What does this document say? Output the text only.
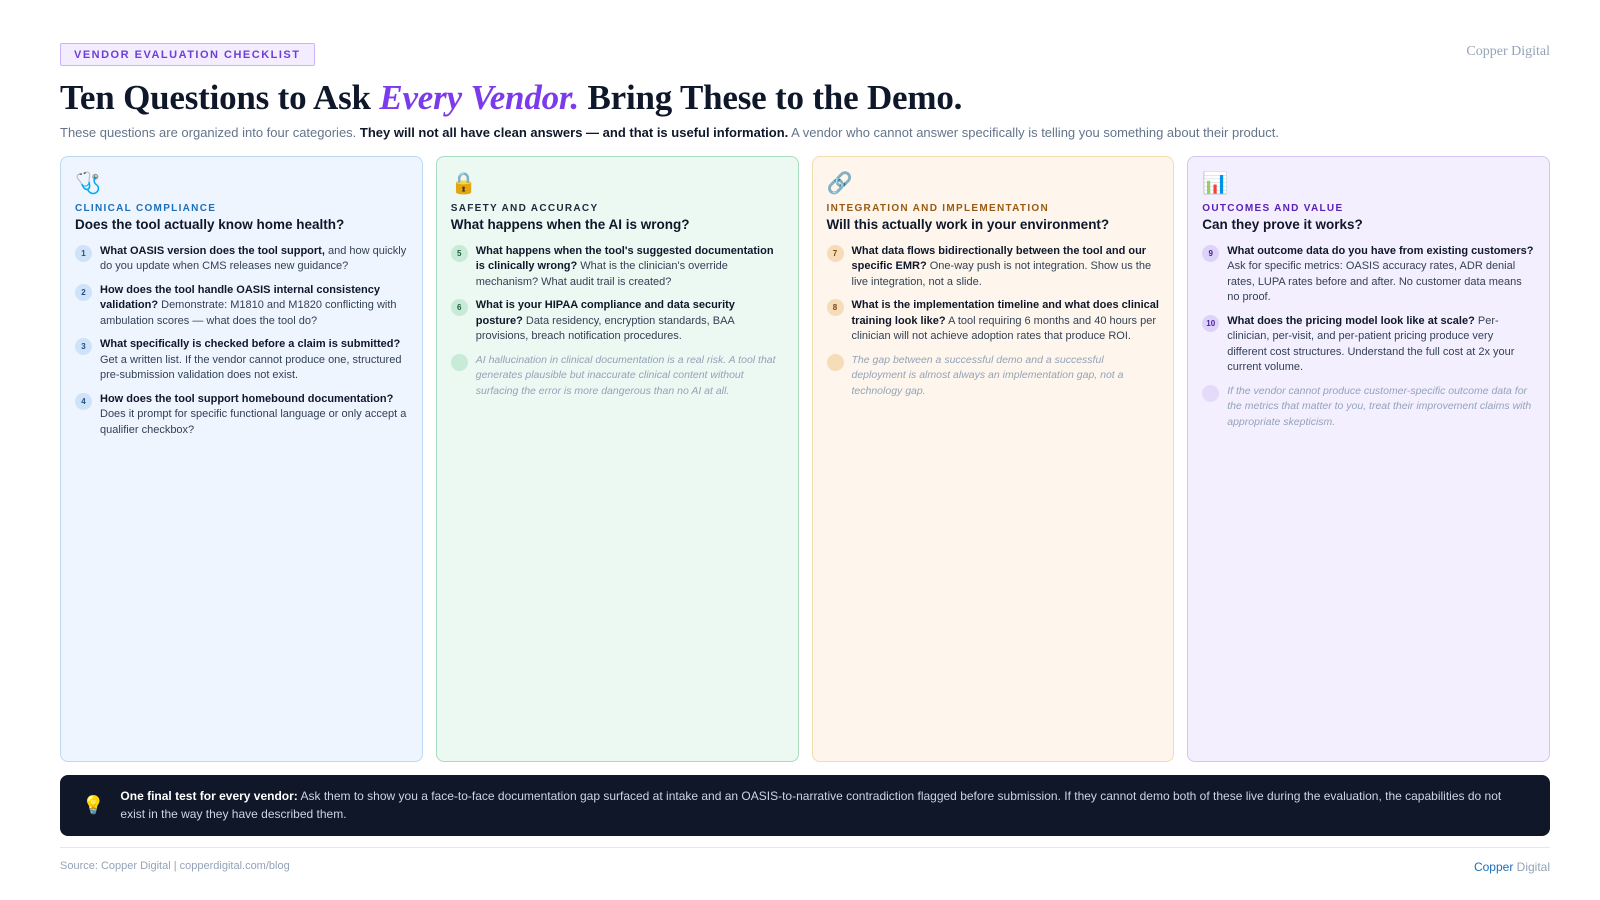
VENDOR EVALUATION CHECKLIST	Copper Digital
Ten Questions to Ask Every Vendor. Bring These to the Demo.

These questions are organized into four categories. They will not all have clean answers — and that is useful information. A vendor who cannot answer specifically is telling you something about their product.

🩺
CLINICAL COMPLIANCE
Does the tool actually know home health?
1	What OASIS version does the tool support, and how quickly do you update when CMS releases new guidance?

2	How does the tool handle OASIS internal consistency validation? Demonstrate: M1810 and M1820 conflicting with ambulation scores — what does the tool do?

3	What specifically is checked before a claim is submitted? Get a written list. If the vendor cannot produce one, structured pre-submission validation does not exist.

4	How does the tool support homebound documentation? Does it prompt for specific functional language or only accept a qualifier checkbox?

🔒
SAFETY AND ACCURACY
What happens when the AI is wrong?
5	What happens when the tool's suggested documentation is clinically wrong? What is the clinician's override mechanism? What audit trail is created?

6	What is your HIPAA compliance and data security posture? Data residency, encryption standards, BAA provisions, breach notification procedures.

AI hallucination in clinical documentation is a real risk. A tool that generates plausible but inaccurate clinical content without surfacing the error is more dangerous than no AI at all.

🔗
INTEGRATION AND IMPLEMENTATION
Will this actually work in your environment?
7	What data flows bidirectionally between the tool and our specific EMR? One-way push is not integration. Show us the live integration, not a slide.

8	What is the implementation timeline and what does clinical training look like? A tool requiring 6 months and 40 hours per clinician will not achieve adoption rates that produce ROI.

The gap between a successful demo and a successful deployment is almost always an implementation gap, not a technology gap.

📊
OUTCOMES AND VALUE
Can they prove it works?
9	What outcome data do you have from existing customers? Ask for specific metrics: OASIS accuracy rates, ADR denial rates, LUPA rates before and after. No customer data means no proof.

10	What does the pricing model look like at scale? Per-clinician, per-visit, and per-patient pricing produce very different cost structures. Understand the full cost at 2x your current volume.

If the vendor cannot produce customer-specific outcome data for the metrics that matter to you, treat their improvement claims with appropriate skepticism.

💡 One final test for every vendor: Ask them to show you a face-to-face documentation gap surfaced at intake and an OASIS-to-narrative contradiction flagged before submission. If they cannot demo both of these live during the evaluation, the capabilities do not exist in the way they have described them.

Source: Copper Digital | copperdigital.com/blog	Copper Digital
